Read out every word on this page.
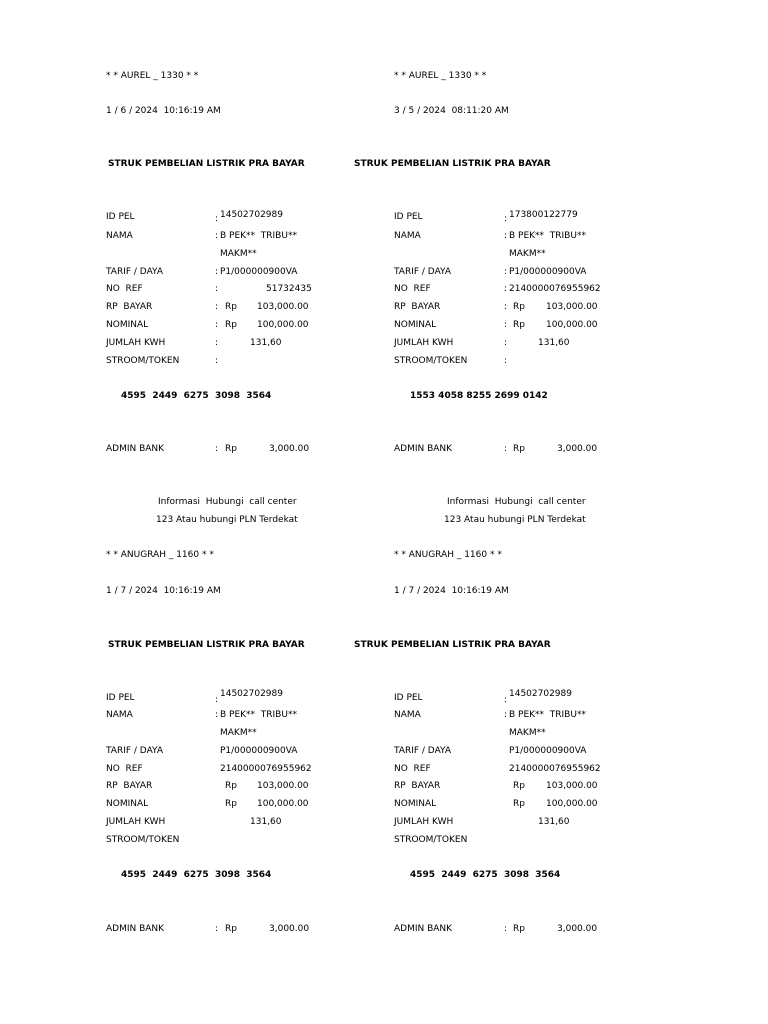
* * AUREL _ 1330 * *
1 / 6 / 2024  10:16:19 AM
STRUK PEMBELIAN LISTRIK PRA BAYAR
ID PEL	: 14502702989
NAMA	: B PEK**  TRIBU**
MAKM**
TARIF / DAYA	: P1/000000900VA
NO  REF	:	51732435
RP  BAYAR	: Rp 103,000.00
NOMINAL	: Rp 100,000.00
JUMLAH KWH	:	131,60
STROOM/TOKEN	:
4595  2449  6275  3098  3564
ADMIN BANK	: Rp	3,000.00
Informasi  Hubungi  call center
123 Atau hubungi PLN Terdekat
* * AUREL _ 1330 * *
3 / 5 / 2024  08:11:20 AM
STRUK PEMBELIAN LISTRIK PRA BAYAR
ID PEL	: 173800122779
NAMA	: B PEK**  TRIBU**
MAKM**
TARIF / DAYA	: P1/000000900VA
NO  REF	: 2140000076955962
RP  BAYAR	: Rp 103,000.00
NOMINAL	: Rp 100,000.00
JUMLAH KWH	:	131,60
STROOM/TOKEN	:
1553 4058 8255 2699 0142
ADMIN BANK	: Rp	3,000.00
Informasi  Hubungi  call center
123 Atau hubungi PLN Terdekat
* * ANUGRAH _ 1160 * *
1 / 7 / 2024  10:16:19 AM
STRUK PEMBELIAN LISTRIK PRA BAYAR
ID PEL	:
14502702989
NAMA	: B PEK**  TRIBU**
MAKM**
TARIF / DAYA	P1/000000900VA
NO  REF	2140000076955962
RP  BAYAR	Rp 103,000.00
NOMINAL	Rp 100,000.00
JUMLAH KWH	131,60
STROOM/TOKEN
4595  2449  6275  3098  3564
ADMIN BANK	: Rp	3,000.00
* * ANUGRAH _ 1160 * *
1 / 7 / 2024  10:16:19 AM
STRUK PEMBELIAN LISTRIK PRA BAYAR
ID PEL	:
14502702989
NAMA	: B PEK**  TRIBU**
MAKM**
TARIF / DAYA	P1/000000900VA
NO  REF	2140000076955962
RP  BAYAR	Rp 103,000.00
NOMINAL	Rp 100,000.00
JUMLAH KWH	131,60
STROOM/TOKEN
4595  2449  6275  3098  3564
ADMIN BANK	: Rp	3,000.00
